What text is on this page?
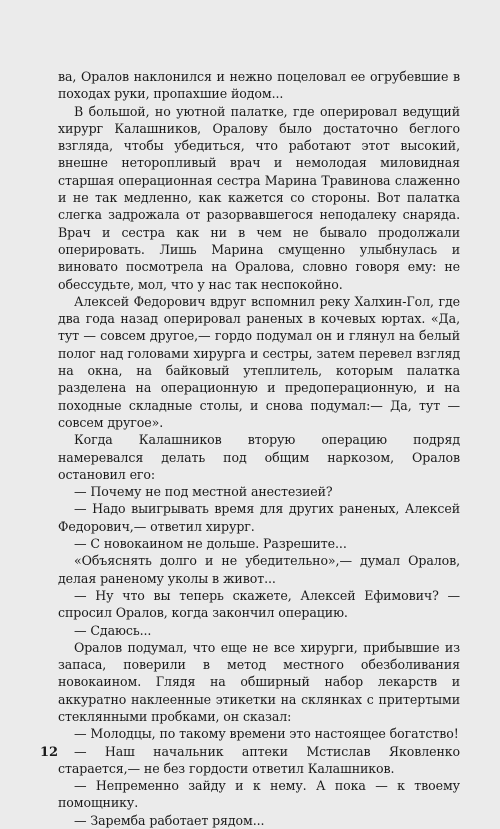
ва, Оралов наклонился и нежно поцеловал ее огрубевшие в походах руки, пропахшие йодом...

В большой, но уютной палатке, где оперировал ведущий хирург Калашников, Оралову было достаточно беглого взгляда, чтобы убедиться, что работают этот высокий, внешне неторопливый врач и немолодая миловидная старшая операционная сестра Марина Травинова слаженно и не так медленно, как кажется со стороны. Вот палатка слегка задрожала от разорвавшегося неподалеку снаряда. Врач и сестра как ни в чем не бывало продолжали оперировать. Лишь Марина смущенно улыбнулась и виновато посмотрела на Оралова, словно говоря ему: не обессудьте, мол, что у нас так неспокойно.

Алексей Федорович вдруг вспомнил реку Халхин-Гол, где два года назад оперировал раненых в кочевых юртах. «Да, тут — совсем другое,— гордо подумал он и глянул на белый полог над головами хирурга и сестры, затем перевел взгляд на окна, на байковый утеплитель, которым палатка разделена на операционную и предоперационную, и на походные складные столы, и снова подумал:— Да, тут — совсем другое».

Когда Калашников вторую операцию подряд намеревался делать под общим наркозом, Оралов остановил его:

— Почему не под местной анестезией?

— Надо выигрывать время для других раненых, Алексей Федорович,— ответил хирург.

— С новокаином не дольше. Разрешите...

«Объяснять долго и не убедительно»,— думал Оралов, делая раненому уколы в живот...

— Ну что вы теперь скажете, Алексей Ефимович? — спросил Оралов, когда закончил операцию.

— Сдаюсь...

Оралов подумал, что еще не все хирурги, прибывшие из запаса, поверили в метод местного обезболивания новокаином. Глядя на обширный набор лекарств и аккуратно наклеенные этикетки на склянках с притертыми стеклянными пробками, он сказал:

— Молодцы, по такому времени это настоящее богатство!

— Наш начальник аптеки Мстислав Яковленко старается,— не без гордости ответил Калашников.

— Непременно зайду и к нему. А пока — к твоему помощнику.

— Заремба работает рядом...

12
